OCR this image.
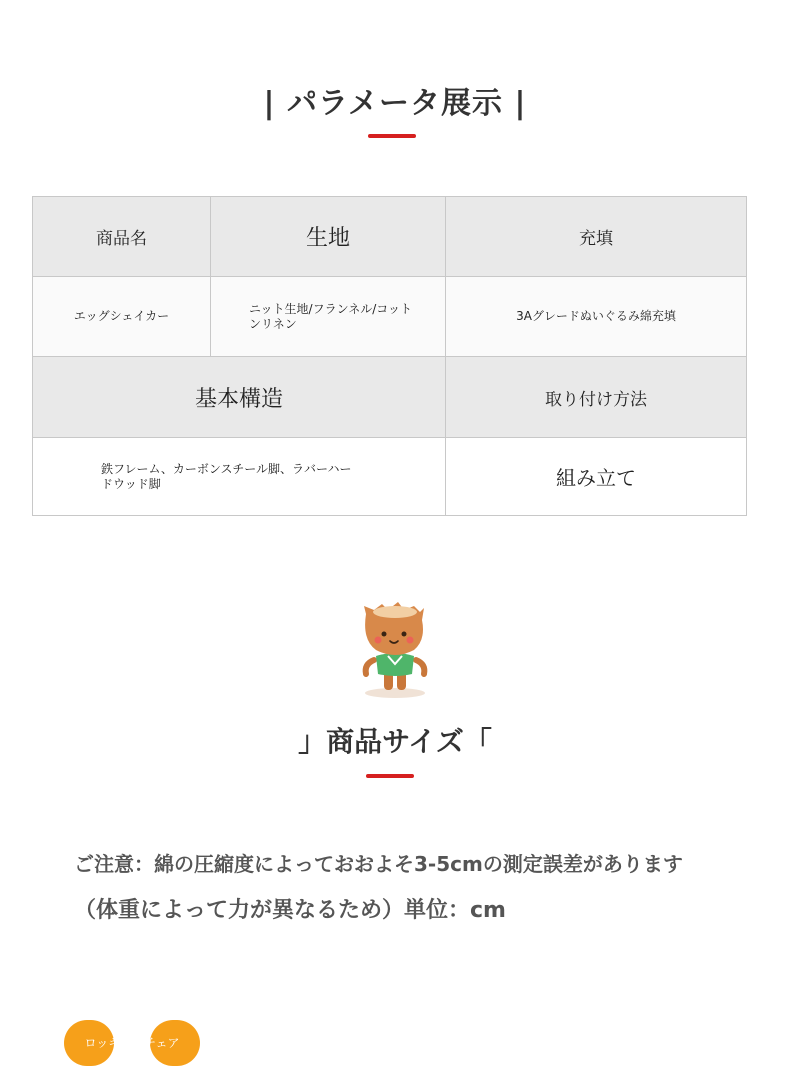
| パラメータ展示 |
商品名	生地	充填
エッグシェイカー	ニット生地/フランネル/コットンリネン	3Aグレードぬいぐるみ綿充填
基本構造		取り付け方法
鉄フレーム、カーボンスチール脚、ラバーハードウッド脚		組み立て
」商品サイズ「
ご注意：綿の圧縮度によっておおよそ3-5cmの測定誤差があります
（体重によって力が異なるため）単位：cm
ロッキングチェア
